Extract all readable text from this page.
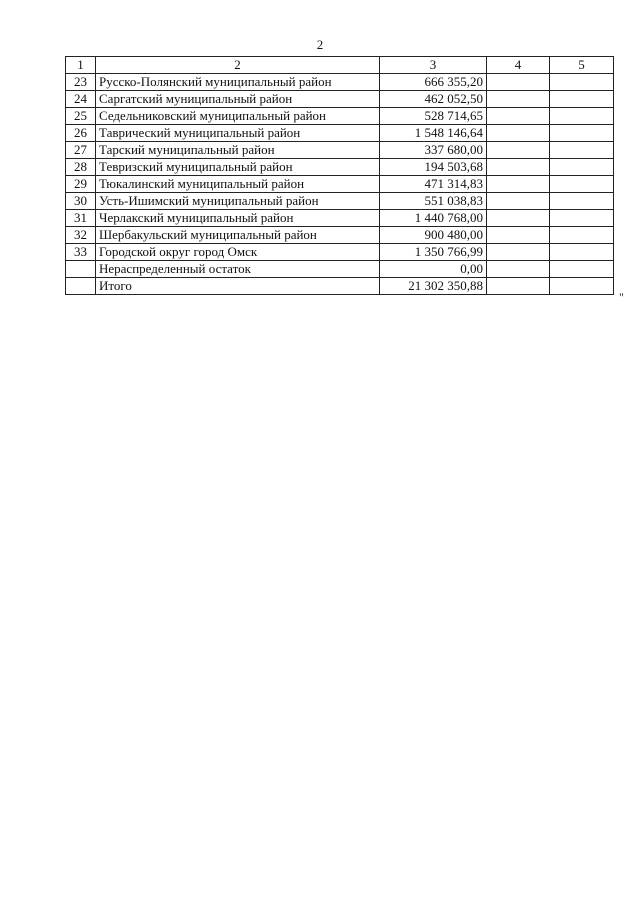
2
1	2	3	4	5
23	Русско-Полянский муниципальный район	666 355,20		
24	Саргатский муниципальный район	462 052,50		
25	Седельниковский муниципальный район	528 714,65		
26	Таврический муниципальный район	1 548 146,64		
27	Тарский муниципальный район	337 680,00		
28	Тевризский муниципальный район	194 503,68		
29	Тюкалинский муниципальный район	471 314,83		
30	Усть-Ишимский муниципальный район	551 038,83		
31	Черлакский муниципальный район	1 440 768,00		
32	Шербакульский муниципальный район	900 480,00		
33	Городской округ город Омск	1 350 766,99		
	Нераспределенный остаток	0,00		
	Итого	21 302 350,88		
"
